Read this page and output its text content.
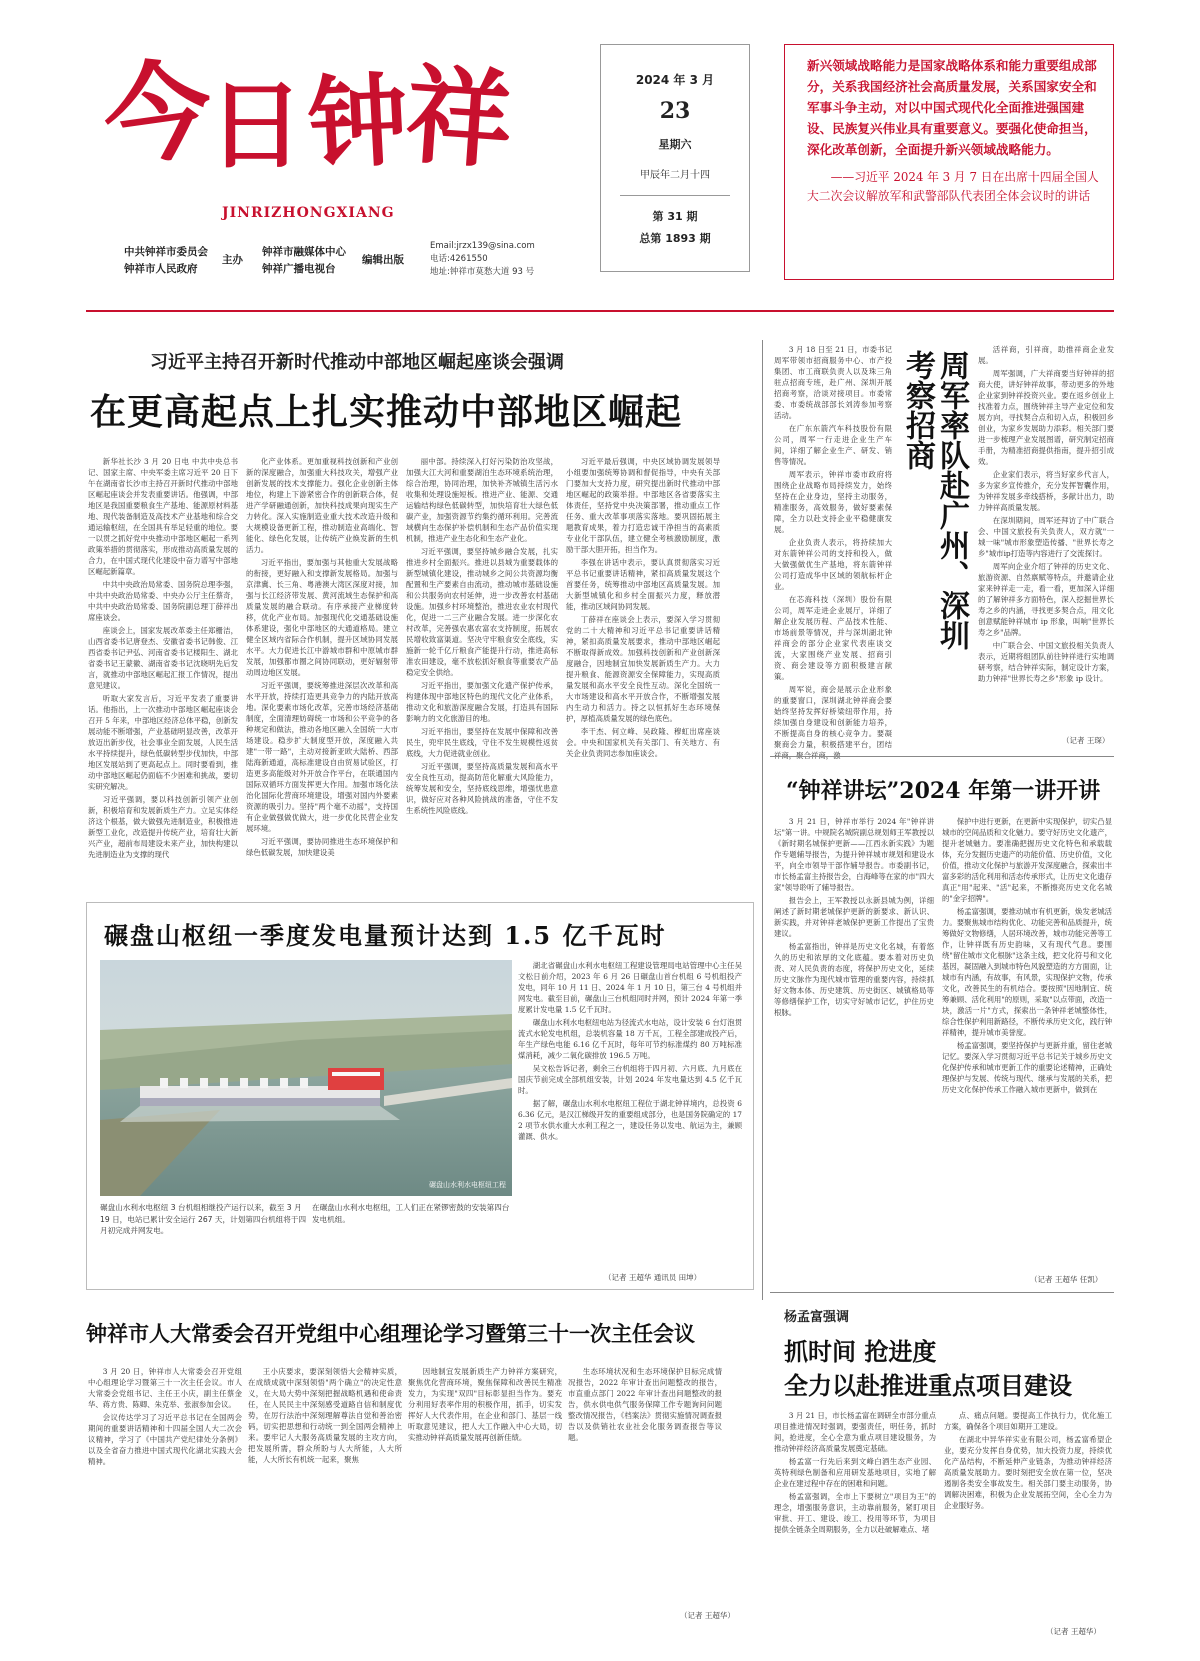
今
日 钟
祥
JINRIZHONGXIANG
中共钟祥市委员会
钟祥市人民政府
主办
钟祥市融媒体中心
钟祥广播电视台
编辑出版
Email:jrzx139@sina.com
电话:4261550
地址:钟祥市莫愁大道 93 号
2024 年 3 月
23
星期六
甲辰年二月十四
第 31 期
总第 1893 期
新兴领域战略能力是国家战略体系和能力重要组成部分，关系我国经济社会高质量发展，关系国家安全和军事斗争主动，对以中国式现代化全面推进强国建设、民族复兴伟业具有重要意义。要强化使命担当，深化改革创新，全面提升新兴领域战略能力。
——习近平 2024 年 3 月 7 日在出席十四届全国人大二次会议解放军和武警部队代表团全体会议时的讲话
习近平主持召开新时代推动中部地区崛起座谈会强调
在更高起点上扎实推动中部地区崛起

新华社长沙 3 月 20 日电 中共中央总书记、国家主席、中央军委主席习近平 20 日下午在湖南省长沙市主持召开新时代推动中部地区崛起座谈会并发表重要讲话。他强调，中部地区是我国重要粮食生产基地、能源原材料基地、现代装备制造及高技术产业基地和综合交通运输枢纽，在全国具有举足轻重的地位。要一以贯之抓好党中央推动中部地区崛起一系列政策举措的贯彻落实，形成推动高质量发展的合力，在中国式现代化建设中奋力谱写中部地区崛起新篇章。

中共中央政治局常委、国务院总理李强，中共中央政治局常委、中央办公厅主任蔡奇，中共中央政治局常委、国务院副总理丁薛祥出席座谈会。

座谈会上，国家发展改革委主任郑栅洁，山西省委书记唐登杰、安徽省委书记韩俊、江西省委书记尹弘、河南省委书记楼阳生、湖北省委书记王蒙徽、湖南省委书记沈晓明先后发言，就推动中部地区崛起汇报工作情况，提出意见建议。

听取大家发言后，习近平发表了重要讲话。他指出，上一次推动中部地区崛起座谈会召开 5 年来，中部地区经济总体平稳，创新发展动能不断增强，产业基础明显改善，改革开放迈出新步伐，社会事业全面发展，人民生活水平持续提升，绿色低碳转型步伐加快，中部地区发展站到了更高起点上。同时要看到，推动中部地区崛起仍面临不少困难和挑战，要切实研究解决。

习近平强调，要以科技创新引领产业创新，积极培育和发展新质生产力。立足实体经济这个根基，做大做强先进制造业，积极推进新型工业化，改造提升传统产业，培育壮大新兴产业，超前布局建设未来产业，加快构建以先进制造业为支撑的现代

化产业体系。更加重视科技创新和产业创新的深度融合，加强重大科技攻关，增强产业创新发展的技术支撑能力。强化企业创新主体地位，构建上下游紧密合作的创新联合体，促进产学研融通创新，加快科技成果向现实生产力转化。深入实施制造业重大技术改造升级和大规模设备更新工程，推动制造业高端化、智能化、绿色化发展，让传统产业焕发新的生机活力。

习近平指出，要加强与其他重大发展战略的衔接，更好融入和支撑新发展格局。加强与京津冀、长三角、粤港澳大湾区深度对接，加强与长江经济带发展、黄河流域生态保护和高质量发展的融合联动。有序承接产业梯度转移，优化产业布局。加强现代化交通基础设施体系建设，强化中部地区的大通道格局。建立健全区域内省际合作机制，提升区域协同发展水平。大力促进长江中游城市群和中原城市群发展，加强都市圈之间协同联动，更好辐射带动周边地区发展。

习近平强调，要统筹推进深层次改革和高水平开放，持续打造更具竞争力的内陆开放高地。深化要素市场化改革，完善市场经济基础制度，全面清理妨碍统一市场和公平竞争的各种规定和做法，推动各地区融入全国统一大市场建设。稳步扩大制度型开放，深度融入共建"一带一路"，主动对接新亚欧大陆桥、西部陆海新通道，高标准建设自由贸易试验区，打造更多高能级对外开放合作平台，在联通国内国际双循环方面发挥更大作用。加强市场化法治化国际化营商环境建设，增强对国内外要素资源的吸引力。坚持"两个毫不动摇"，支持国有企业做强做优做大，进一步优化民营企业发展环境。

习近平强调，要协同推进生态环境保护和绿色低碳发展，加快建设美

丽中部。持续深入打好污染防治攻坚战，加强大江大河和重要湖泊生态环境系统治理，综合治理，协同治理，加快补齐城镇生活污水收集和处理设施短板。推进产业、能源、交通运输结构绿色低碳转型，加快培育壮大绿色低碳产业，加强资源节约集约循环利用。完善流域横向生态保护补偿机制和生态产品价值实现机制，推进产业生态化和生态产业化。

习近平强调，要坚持城乡融合发展，扎实推进乡村全面振兴。推进以县城为重要载体的新型城镇化建设，推动城乡之间公共资源均衡配置和生产要素自由流动，推动城市基础设施和公共服务向农村延伸，进一步改善农村基础设施。加强乡村环境整治，推进农业农村现代化，促进一二三产业融合发展。进一步深化农村改革，完善强农惠农富农支持制度，拓展农民增收致富渠道。坚决守牢粮食安全底线，实施新一轮千亿斤粮食产能提升行动，推进高标准农田建设，毫不放松抓好粮食等重要农产品稳定安全供给。

习近平指出，要加强文化遗产保护传承，构建体现中部地区特色的现代文化产业体系，推动文化和旅游深度融合发展，打造具有国际影响力的文化旅游目的地。

习近平指出，要坚持在发展中保障和改善民生，兜牢民生底线，守住不发生规模性返贫底线，大力促进就业创业。

习近平强调，要坚持高质量发展和高水平安全良性互动，提高防范化解重大风险能力，统筹发展和安全，坚持底线思维，增强忧患意识，做好应对各种风险挑战的准备，守住不发生系统性风险底线。

习近平最后强调，中央区域协调发展领导小组要加强统筹协调和督促指导，中央有关部门要加大支持力度，研究提出新时代推动中部地区崛起的政策举措。中部地区各省要落实主体责任，坚持党中央决策部署，推动重点工作任务、重大改革事项落实落地。要巩固拓展主题教育成果，着力打造忠诚干净担当的高素质专业化干部队伍，建立健全考核激励制度，激励干部大胆开拓，担当作为。

李强在讲话中表示，要认真贯彻落实习近平总书记重要讲话精神，紧扣高质量发展这个首要任务，统筹推动中部地区高质量发展。加大新型城镇化和乡村全面振兴力度，释放潜能，推动区域间协同发展。

丁薛祥在座谈会上表示，要深入学习贯彻党的二十大精神和习近平总书记重要讲话精神，紧扣高质量发展要求，推动中部地区崛起不断取得新成效。加强科技创新和产业创新深度融合，因地制宜加快发展新质生产力。大力提升粮食、能源资源安全保障能力，实现高质量发展和高水平安全良性互动。深化全国统一大市场建设和高水平开放合作，不断增强发展内生动力和活力。持之以恒抓好生态环境保护，厚植高质量发展的绿色底色。

李干杰、何立峰、吴政隆、穆虹出席座谈会。中央和国家机关有关部门、有关地方、有关企业负责同志参加座谈会。

3 月 18 日至 21 日，市委书记周军带领市招商服务中心、市产投集团、市工商联负责人以及珠三角驻点招商专班，赴广州、深圳开展招商考察，洽谈对接项目。市委常委、市委统战部部长刘涛参加考察活动。

在广东东箭汽车科技股份有限公司，周军一行走进企业生产车间，详细了解企业生产、研发、销售等情况。

周军表示，钟祥市委市政府将围绕企业战略布局持续发力，始终坚持在企业身边，坚持主动服务，精准服务，高效服务，做好要素保障，全力以赴支持企业平稳健康发展。

企业负责人表示，将持续加大对东箭钟祥公司的支持和投入，做大做强做优生产基地，将东箭钟祥公司打造成华中区域的领航标杆企业。

在芯海科技（深圳）股份有限公司，周军走进企业展厅，详细了解企业发展历程、产品技术性能、市场前景等情况，并与深圳湖北钟祥商会的部分企业家代表座谈交流，大家围绕产业发展、招商引资、商会建设等方面积极建言献策。

周军说，商会是展示企业形象的重要窗口，深圳湖北钟祥商会要始终坚持发挥好桥梁纽带作用，持续加强自身建设和创新能力培养，不断提高自身的核心竞争力。要凝聚商会力量，积极搭建平台，团结

周军率队赴广州、深圳考察招商

活祥商，引祥商，助推祥商企业发展。

周军强调，广大祥商要当好钟祥的招商大使，讲好钟祥故事，带动更多的外地企业家到钟祥投资兴业。要在返乡创业上找准着力点，围绕钟祥主导产业定位和发展方向，寻找契合点和切入点，积极回乡创业，为家乡发展助力添彩。相关部门要进一步梳理产业发展图谱，研究制定招商手册，为精准招商提供指南，提升招引成效。

企业家们表示，将当好家乡代言人，多为家乡宣传推介，充分发挥智囊作用，为钟祥发展多牵线搭桥，多献计出力，助力钟祥高质量发展。

在深圳期间，周军还拜访了中广联合会、中国文旅投有关负责人，双方就"一城一味"城市形象塑造传播、"世界长寿之乡"城市ip打造等内容进行了交流探讨。

周军向企业介绍了钟祥的历史文化、旅游资源、自然禀赋等特点，并邀请企业家来钟祥走一走，看一看，更加深入详细的了解钟祥多方面特色，深入挖掘世界长寿之乡的内涵，寻找更多契合点，用文化创意赋能钟祥城市 ip 形象，叫响"世界长寿之乡"品牌。

中广联合会、中国文旅投相关负责人表示，近期将组团队前往钟祥进行实地调研考察，结合钟祥实际，制定设计方案，助力钟祥"世界长寿之乡"形象 ip 设计。

（记者 王琛）
“钟祥讲坛”2024 年第一讲开讲

3 月 21 日，钟祥市举行 2024 年"钟祥讲坛"第一讲。中规院名城院副总规划师王军教授以《新时期名城保护更新——江西永新实践》为题作专题辅导报告，为提升钟祥城市规划和建设水平，向全市领导干部作辅导报告。市委副书记，市长杨孟富主持报告会，白海峰等在家的市"四大家"领导聆听了辅导报告。

报告会上，王军教授以永新县城为例，详细阐述了新时期老城保护更新的新要求、新认识、新实践，并对钟祥老城保护更新工作提出了宝贵建议。

杨孟富指出，钟祥是历史文化名城，有着悠久的历史和浓厚的文化底蕴。要本着对历史负责、对人民负责的态度，将保护历史文化，延续历史文脉作为现代城市管理的重要内容，持续抓好文物本体、历史建筑、历史街区、城镇格局等等修缮保护工作，切实守好城市记忆，护住历史根脉。

保护中进行更新，在更新中实现保护，切实凸显城市的空间品质和文化魅力。要守好历史文化遗产，提升老城魅力。要准确把握历史文化特色和承载载体，充分发掘历史遗产的功能价值、历史价值，文化价值，推动文化保护与旅游开发深度融合，探索出丰富多彩的活化利用和活态传承形式，让历史文化遗存真正"用"起来、"活"起来，不断擦亮历史文化名城的"金字招牌"。

杨孟富强调，要推动城市有机更新，焕发老城活力。要聚焦城市结构优化、功能完善和品质提升，统筹做好文物修缮，人居环境改善，城市功能完善等工作，让钟祥既有历史韵味，又有现代气息。要围绕"留住城市文化根脉"这条主线，把文化符号和文化基因，凝固融入到城市特色风貌塑造的方方面面，让城市有内涵，有故事，有风景，实现保护文物，传承文化，改善民生的有机结合。要按照"因地制宜、统筹兼顾、活化利用"的原则，采取"以点带面，改造一块，激活一片"方式，探索出一条钟祥老城整体性，综合性保护利用新路径，不断传承历史文化，践行钟祥精神，提升城市美誉度。

杨孟富强调，要坚持保护与更新并重，留住老城记忆。要深入学习贯彻习近平总书记关于城乡历史文化保护传承和城市更新工作的重要论述精神，正确处理保护与发展、传统与现代、继承与发展的关系，把历史文化保护传承工作融入城市更新中，做到在

（记者 王超华 任凯）
碾盘山枢纽一季度发电量预计达到 1.5 亿千瓦时
碾盘山水利水电枢纽工程
碾盘山水利水电枢纽 3 台机组相继投产运行以来，截至 3 月 19 日，电站已累计安全运行 267 天，计划第四台机组将于四月初完成并网发电。
在碾盘山水利水电枢纽，工人们正在紧锣密鼓的安装第四台发电机组。

湖北省碾盘山水利水电枢纽工程建设管理局电站管理中心主任吴文松日前介绍，2023 年 6 月 26 日碾盘山首台机组 6 号机组投产发电，同年 10 月 11 日、2024 年 1 月 10 日，第三台 4 号机组并网发电。截至目前，碾盘山三台机组同时并网，预计 2024 年第一季度累计发电量 1.5 亿千瓦时。

碾盘山水利水电枢纽电站为径流式水电站，设计安装 6 台灯泡贯流式水轮发电机组，总装机容量 18 万千瓦，工程全部建成投产后，年生产绿色电能 6.16 亿千瓦时，每年可节约标准煤约 80 万吨标准煤消耗，减少二氧化碳排放 196.5 万吨。

吴文松告诉记者，剩余三台机组将于四月初、六月底、九月底在国庆节前完成全部机组安装，计划 2024 年发电量达到 4.5 亿千瓦时。

据了解，碾盘山水利水电枢纽工程位于湖北钟祥境内，总投资 66.36 亿元，是汉江梯级开发的重要组成部分，也是国务院确定的 172 项节水供水重大水利工程之一，建设任务以发电、航运为主，兼顾灌溉、供水。

（记者 王超华 通讯员 田坤）
钟祥市人大常委会召开党组中心组理论学习暨第三十一次主任会议

3 月 20 日，钟祥市人大常委会召开党组中心组理论学习暨第三十一次主任会议。市人大常委会党组书记、主任王小庆，副主任蔡金华、蒋方贵、陈卿、朱克举、张淑参加会议。

会议传达学习了习近平总书记在全国两会期间的重要讲话精神和十四届全国人大二次会议精神，学习了《中国共产党纪律处分条例》以及全省奋力推进中国式现代化湖北实践大会精神。

王小庆要求，要深刻领悟大会精神实质，在成绩成就中深刻领悟"两个确立"的决定性意义，在大局大势中深刻把握战略机遇和使命责任，在人民民主中深刻感受道路自信和制度优势，在厉行法治中深刻理解尊法自觉和善治密码，切实把思想和行动统一到全国两会精神上来。要牢记人大服务高质量发展的主攻方向，把发展所需，群众所盼与人大所能，人大所能，人大所长有机统一起来，聚焦

因地制宜发展新质生产力钟祥方案研究，聚焦优化营商环境，聚焦保障和改善民生精准发力，为实现"双四"目标彰显担当作为。要充分利用好表率作用的积极作用，抓手，切实发挥好人大代表作用，在企业和部门、基层一线听取意见建议，把人大工作融入中心大局，切实推动钟祥高质量发展再创新佳绩。

生态环境状况和生态环境保护目标完成情况报告，2022 年审计查出问题整改的报告，市直重点部门 2022 年审计查出问题整改的报告，供水供电供气服务保障工作专题询问问题整改情况报告，《档案法》贯彻实施情况调查报告以及供销社农业社会化服务调查报告等议题。

（记者 王超华）
杨孟富强调
抓时间 抢进度
全力以赴推进重点项目建设

3 月 21 日，市长杨孟富在调研全市部分重点项目推进情况时强调，要强责任，明任务，抓时间，抢进度，全心全意为重点项目建设服务，为推动钟祥经济高质量发展奠定基础。

杨孟富一行先后来到文峰白酒生态产业园、英特利绿色制备和应用研发基地项目，实地了解企业在建过程中存在的困难和问题。

杨孟富强调，全市上下要树立"项目为王"的理念，增强服务意识，主动靠前服务，紧盯项目审批、开工、建设、竣工、投用等环节，为项目提供全链条全周期服务，全力以赴破解难点、堵

点、痛点问题。要提高工作执行力，优化施工方案，确保各个项目如期开工建设。

在湖北中异华祥实业有限公司，杨孟富希望企业，要充分发挥自身优势，加大投资力度，持续优化产品结构，不断延伸产业链条，为推动钟祥经济高质量发展助力。要时刻把安全放在第一位，坚决遏制各类安全事故发生。相关部门要主动服务，协调解决困难，积极为企业发展拓空间，全心全力为企业服好务。

（记者 王超华）
